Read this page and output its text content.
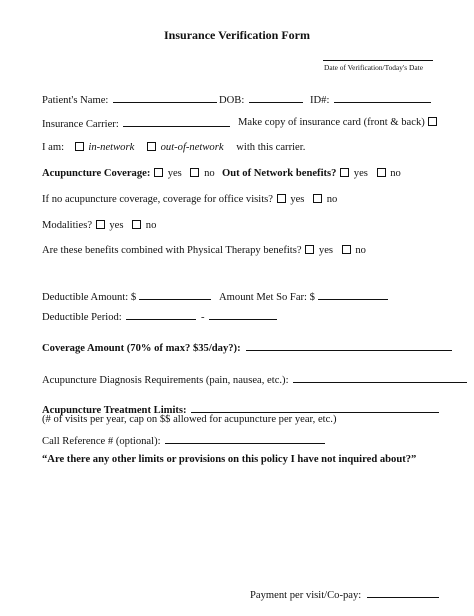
Insurance Verification Form
Date of Verification/Today's Date
Patient's Name:	DOB:	ID#:
Insurance Carrier:	Make copy of insurance card (front & back)
I am: in-network out-of-network with this carrier.
Acupuncture Coverage: yes no Out of Network benefits? yes no
If no acupuncture coverage, coverage for office visits? yes no
Modalities? yes no
Are these benefits combined with Physical Therapy benefits? yes no
Deductible Amount: $	Amount Met So Far: $
Deductible Period:	-
Coverage Amount (70% of max? $35/day?):
Acupuncture Diagnosis Requirements (pain, nausea, etc.):
Acupuncture Treatment Limits:
(# of visits per year, cap on $$ allowed for acupuncture per year, etc.)
Call Reference # (optional):
“Are there any other limits or provisions on this policy I have not inquired about?”
Payment per visit/Co-pay:
